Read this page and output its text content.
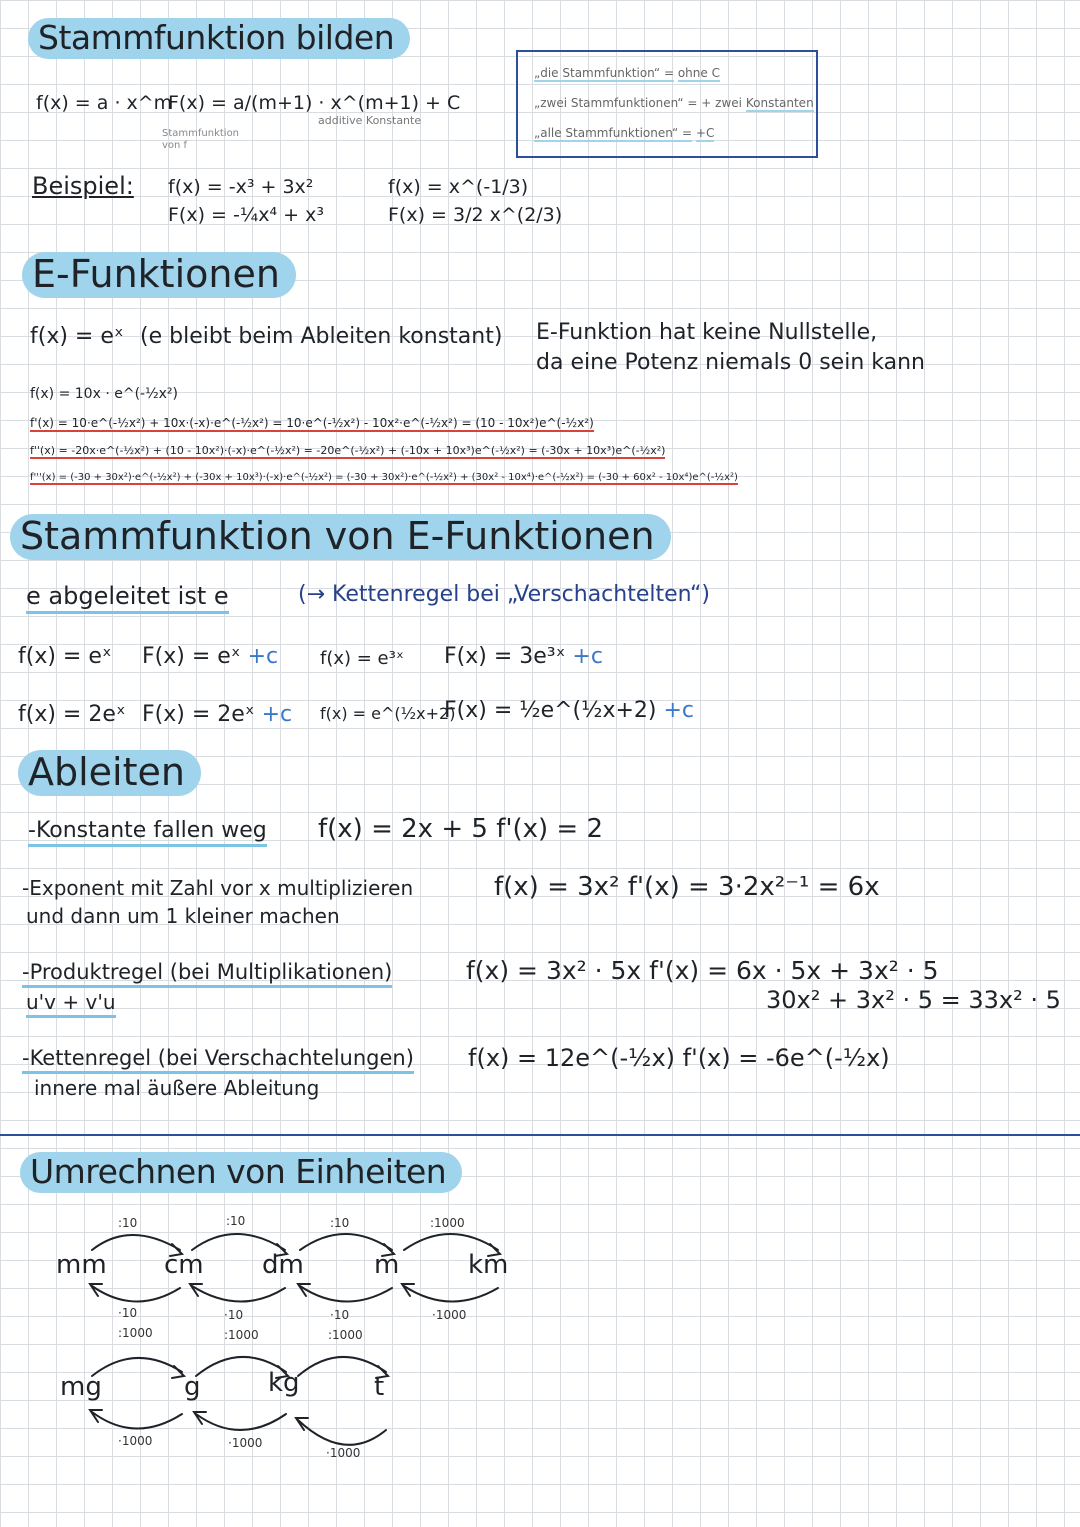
Stammfunktion bilden
f(x) = a · x^m
F(x) = a/(m+1) · x^(m+1) + C
additive Konstante
Stammfunktion
von f
Beispiel: f(x) = -x³ + 3x²
F(x) = -¼x⁴ + x³
f(x) = x^(-1/3)
F(x) = 3/2 x^(2/3)
„die Stammfunktion“ = ohne C
„zwei Stammfunktionen“ = + zwei Konstanten
„alle Stammfunktionen“ = +C
E-Funktionen
f(x) = eˣ (e bleibt beim Ableiten konstant) E-Funktion hat keine Nullstelle,
da eine Potenz niemals 0 sein kann
f(x) = 10x · e^(-½x²)
f'(x) = 10·e^(-½x²) + 10x·(-x)·e^(-½x²) = 10·e^(-½x²) - 10x²·e^(-½x²) = (10 - 10x²)e^(-½x²)
f''(x) = -20x·e^(-½x²) + (10 - 10x²)·(-x)·e^(-½x²) = -20e^(-½x²) + (-10x + 10x³)e^(-½x²) = (-30x + 10x³)e^(-½x²)
f'''(x) = (-30 + 30x²)·e^(-½x²) + (-30x + 10x³)·(-x)·e^(-½x²) = (-30 + 30x²)·e^(-½x²) + (30x² - 10x⁴)·e^(-½x²) = (-30 + 60x² - 10x⁴)e^(-½x²)
Stammfunktion von E-Funktionen
e abgeleitet ist e	(→ Kettenregel bei „Verschachtelten“)
f(x) = eˣ F(x) = eˣ +c f(x) = e³ˣ F(x) = 3e³ˣ +c
f(x) = 2eˣ F(x) = 2eˣ +c f(x) = e^(½x+2)
F(x) = ½e^(½x+2) +c
Ableiten
-Konstante fallen weg f(x) = 2x + 5 f'(x) = 2
-Exponent mit Zahl vor x multiplizieren
und dann um 1 kleiner machen
f(x) = 3x² f'(x) = 3·2x²⁻¹ = 6x
-Produktregel (bei Multiplikationen)
u'v + v'u
f(x) = 3x² · 5x f'(x) = 6x · 5x + 3x² · 5
30x² + 3x² · 5 = 33x² · 5
-Kettenregel (bei Verschachtelungen)
innere mal äußere Ableitung
f(x) = 12e^(-½x) f'(x) = -6e^(-½x)
Umrechnen von Einheiten
mm cm dm	m	km
:10	:10	:10	:1000
·10	·10	·10	·1000
mg	g	kg	t
:1000	:1000	:1000
·1000	·1000
·1000
